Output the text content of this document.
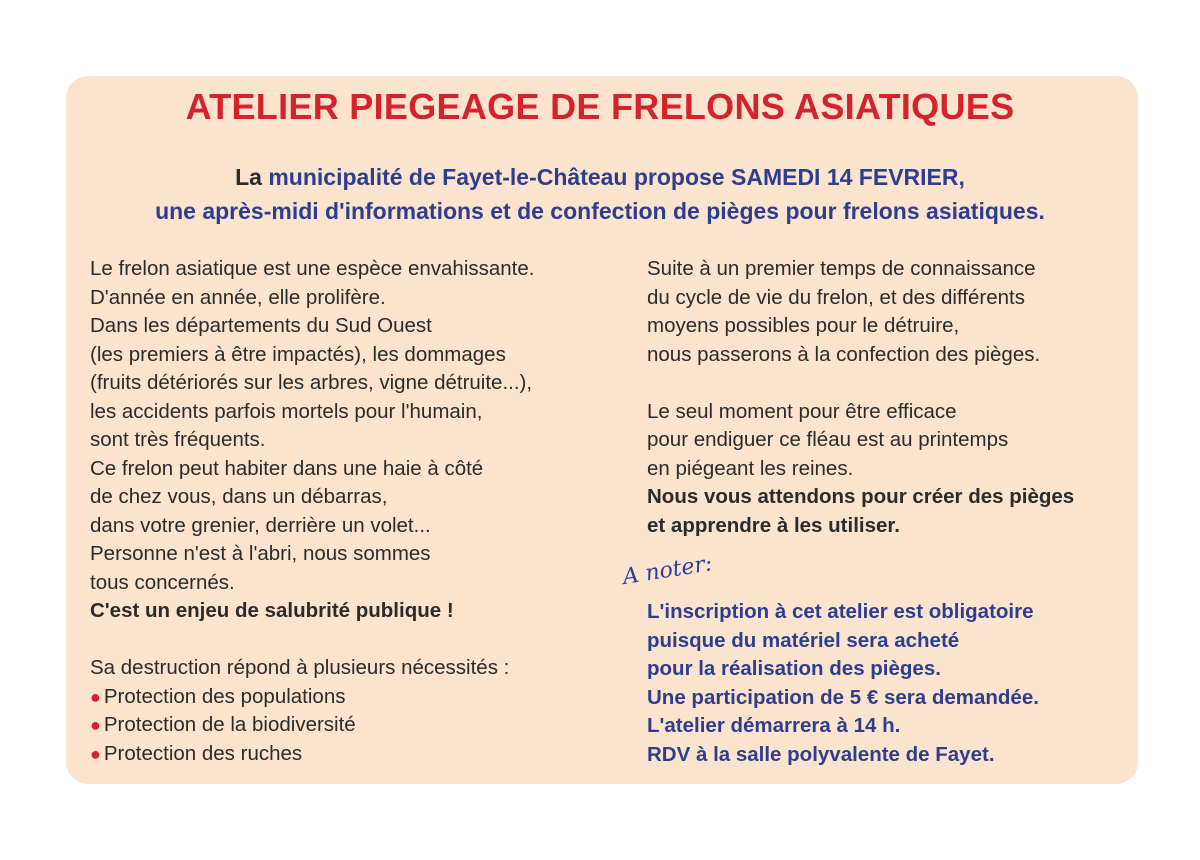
ATELIER PIEGEAGE DE FRELONS ASIATIQUES
La municipalité de Fayet-le-Château propose SAMEDI 14 FEVRIER,
une après-midi d'informations et de confection de pièges pour frelons asiatiques.
Le frelon asiatique est une espèce envahissante.
D'année en année, elle prolifère.
Dans les départements du Sud Ouest
(les premiers à être impactés), les dommages
(fruits détériorés sur les arbres, vigne détruite...),
les accidents parfois mortels pour l'humain,
sont très fréquents.
Ce frelon peut habiter dans une haie à côté
de chez vous, dans un débarras,
dans votre grenier, derrière un volet...
Personne n'est à l'abri, nous sommes
tous concernés.
C'est un enjeu de salubrité publique !
Sa destruction répond à plusieurs nécessités :
● Protection des populations
● Protection de la biodiversité
● Protection des ruches
Suite à un premier temps de connaissance
du cycle de vie du frelon, et des différents
moyens possibles pour le détruire,
nous passerons à la confection des pièges.
Le seul moment pour être efficace
pour endiguer ce fléau est au printemps
en piégeant les reines.
Nous vous attendons pour créer des pièges
et apprendre à les utiliser.
A noter:
L'inscription à cet atelier est obligatoire
puisque du matériel sera acheté
pour la réalisation des pièges.
Une participation de 5 € sera demandée.
L'atelier démarrera à 14 h.
RDV à la salle polyvalente de Fayet.
